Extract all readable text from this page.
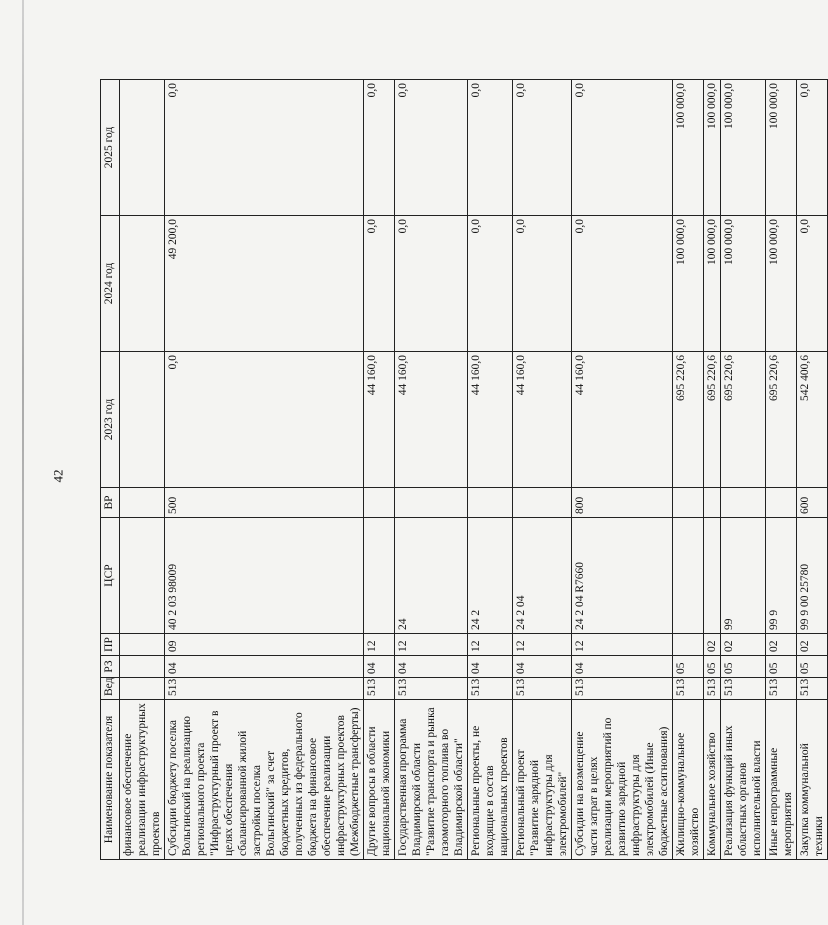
42
Наименование показателя	Вед	РЗ	ПР	ЦСР	ВР	2023 год	2024 год	2025 год
финансовое обеспечение реализации инфраструктурных проектов								
Субсидии бюджету поселка Вольгинский на реализацию регионального проекта "Инфраструктурный проект в целях обеспечения сбалансированной жилой застройки поселка Вольгинский" за счет бюджетных кредитов, полученных из федерального бюджета на финансовое обеспечение реализации инфраструктурных проектов (Межбюджетные трансферты)	513	04	09	40 2 03 98009	500	0,0	49 200,0	0,0
Другие вопросы в области национальной экономики	513	04	12			44 160,0	0,0	0,0
Государственная программа Владимирской области "Развитие транспорта и рынка газомоторного топлива во Владимирской области"	513	04	12	24		44 160,0	0,0	0,0
Региональные проекты, не входящие в состав национальных проектов	513	04	12	24 2		44 160,0	0,0	0,0
Региональный проект "Развитие зарядной инфраструктуры для электромобилей"	513	04	12	24 2 04		44 160,0	0,0	0,0
Субсидии на возмещение части затрат в целях реализации мероприятий по развитию зарядной инфраструктуры для электромобилей (Иные бюджетные ассигнования)	513	04	12	24 2 04 R7660	800	44 160,0	0,0	0,0
Жилищно-коммунальное хозяйство	513	05				695 220,6	100 000,0	100 000,0
Коммунальное хозяйство	513	05	02			695 220,6	100 000,0	100 000,0
Реализация функций иных областных органов исполнительной власти	513	05	02	99		695 220,6	100 000,0	100 000,0
Иные непрограммные мероприятия	513	05	02	99 9		695 220,6	100 000,0	100 000,0
Закупка коммунальной техники	513	05	02	99 9 00 25780	600	542 400,6	0,0	0,0
